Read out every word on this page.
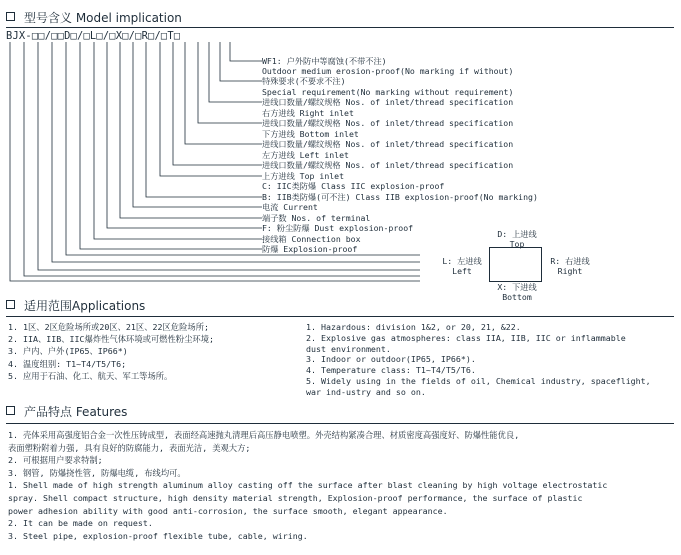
型号含义 Model implication
BJX-□□/□□D□/□L□/□X□/□R□/□T□
WF1: 户外防中等腐蚀(不带不注)
Outdoor medium erosion-proof(No marking if without)
特殊要求(不要求不注)
Special requirement(No marking without requirement)
进线口数量/螺纹规格 Nos. of inlet/thread specification
右方进线 Right inlet
进线口数量/螺纹规格 Nos. of inlet/thread specification
下方进线 Bottom inlet
进线口数量/螺纹规格 Nos. of inlet/thread specification
左方进线 Left inlet
进线口数量/螺纹规格 Nos. of inlet/thread specification
上方进线 Top inlet
C: IIC类防爆 Class IIC explosion-proof
B: IIB类防爆(可不注) Class IIB explosion-proof(No marking)
电流 Current
端子数 Nos. of terminal
F: 粉尘防爆 Dust explosion-proof
接线箱 Connection box
防爆 Explosion-proof
D: 上进线
Top
L: 左进线
Left
R: 右进线
Right
X: 下进线
Bottom
适用范围Applications
1. 1区、2区危险场所或20区、21区、22区危险场所;
2. IIA、IIB、IIC爆炸性气体环境或可燃性粉尘环境;
3. 户内、户外(IP65、IP66*)
4. 温度组别: T1~T4/T5/T6;
5. 应用于石油、化工、航天、军工等场所。
1. Hazardous: division 1&2, or 20, 21, &22.
2. Explosive gas atmospheres: class IIA, IIB, IIC or inflammable
dust environment.
3. Indoor or outdoor(IP65, IP66*).
4. Temperature class: T1~T4/T5/T6.
5. Widely using in the fields of oil, Chemical industry, spaceflight,
war ind-ustry and so on.
产品特点 Features
1. 壳体采用高强度铝合金一次性压铸成型, 表面经高速抛丸清理后高压静电喷塑。外壳结构紧凑合理、材质密度高强度好、防爆性能优良,
表面塑粉附着力强, 具有良好的防腐能力, 表面光洁, 美观大方;
2. 可根据用户要求特制;
3. 钢管, 防爆挠性管, 防爆电缆, 布线均可。
1. Shell made of high strength aluminum alloy casting off the surface after blast cleaning by high voltage electrostatic
spray. Shell compact structure, high density material strength, Explosion-proof performance, the surface of plastic
power adhesion ability with good anti-corrosion, the surface smooth, elegant appearance.
2. It can be made on request.
3. Steel pipe, explosion-proof flexible tube, cable, wiring.
